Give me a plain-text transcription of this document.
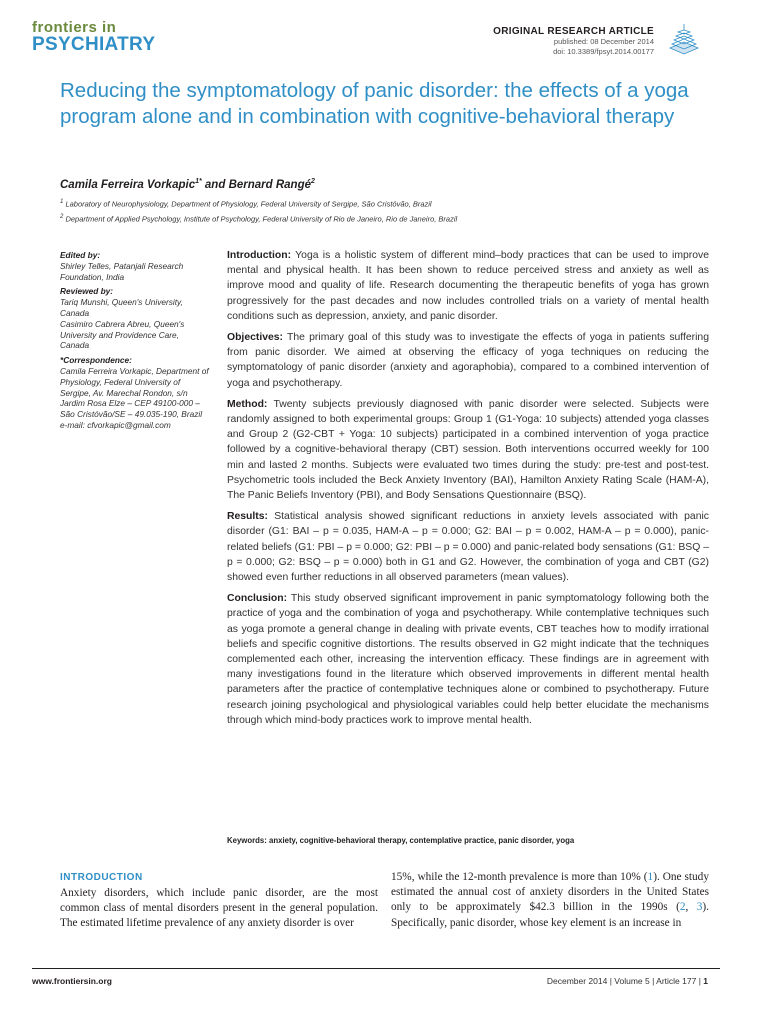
frontiers in
PSYCHIATRY
ORIGINAL RESEARCH ARTICLE
published: 08 December 2014
doi: 10.3389/fpsyt.2014.00177
Reducing the symptomatology of panic disorder: the effects of a yoga program alone and in combination with cognitive-behavioral therapy
Camila Ferreira Vorkapic$^{1*}$ and Bernard Rangé$^2$
$^1$ Laboratory of Neurophysiology, Department of Physiology, Federal University of Sergipe, São Cristóvão, Brazil
$^2$ Department of Applied Psychology, Institute of Psychology, Federal University of Rio de Janeiro, Rio de Janeiro, Brazil
Edited by:
Shirley Telles, Patanjali Research Foundation, India
Reviewed by:
Tariq Munshi, Queen's University, Canada
Casimiro Cabrera Abreu, Queen's University and Providence Care, Canada
*Correspondence:
Camila Ferreira Vorkapic, Department of Physiology, Federal University of Sergipe, Av. Marechal Rondon, s/n Jardim Rosa Elze – CEP 49100-000 – São Cristóvão/SE – 49.035-190, Brazil
e-mail: cfvorkapic@gmail.com

Introduction: Yoga is a holistic system of different mind–body practices that can be used to improve mental and physical health. It has been shown to reduce perceived stress and anxiety as well as improve mood and quality of life. Research documenting the therapeutic benefits of yoga has grown progressively for the past decades and now includes controlled trials on a variety of mental health conditions such as depression, anxiety, and panic disorder.

Objectives: The primary goal of this study was to investigate the effects of yoga in patients suffering from panic disorder. We aimed at observing the efficacy of yoga techniques on reducing the symptomatology of panic disorder (anxiety and agoraphobia), compared to a combined intervention of yoga and psychotherapy.

Method: Twenty subjects previously diagnosed with panic disorder were selected. Subjects were randomly assigned to both experimental groups: Group 1 (G1-Yoga: 10 subjects) attended yoga classes and Group 2 (G2-CBT + Yoga: 10 subjects) participated in a combined intervention of yoga practice followed by a cognitive-behavioral therapy (CBT) session. Both interventions occurred weekly for 100 min and lasted 2 months. Subjects were evaluated two times during the study: pre-test and post-test. Psychometric tools included the Beck Anxiety Inventory (BAI), Hamilton Anxiety Rating Scale (HAM-A), The Panic Beliefs Inventory (PBI), and Body Sensations Questionnaire (BSQ).

Results: Statistical analysis showed significant reductions in anxiety levels associated with panic disorder (G1: BAI – p = 0.035, HAM-A – p = 0.000; G2: BAI – p = 0.002, HAM-A – p = 0.000), panic-related beliefs (G1: PBI – p = 0.000; G2: PBI – p = 0.000) and panic-related body sensations (G1: BSQ – p = 0.000; G2: BSQ – p = 0.000) both in G1 and G2. However, the combination of yoga and CBT (G2) showed even further reductions in all observed parameters (mean values).

Conclusion: This study observed significant improvement in panic symptomatology following both the practice of yoga and the combination of yoga and psychotherapy. While contemplative techniques such as yoga promote a general change in dealing with private events, CBT teaches how to modify irrational beliefs and specific cognitive distortions. The results observed in G2 might indicate that the techniques complemented each other, increasing the intervention efficacy. These findings are in agreement with many investigations found in the literature which observed improvements in different mental health parameters after the practice of contemplative techniques alone or combined to psychotherapy. Future research joining psychological and physiological variables could help better elucidate the mechanisms through which mind-body practices work to improve mental health.

Keywords: anxiety, cognitive-behavioral therapy, contemplative practice, panic disorder, yoga
INTRODUCTION
Anxiety disorders, which include panic disorder, are the most common class of mental disorders present in the general population. The estimated lifetime prevalence of any anxiety disorder is over
15%, while the 12-month prevalence is more than 10% (1). One study estimated the annual cost of anxiety disorders in the United States only to be approximately $42.3 billion in the 1990s (2, 3). Specifically, panic disorder, whose key element is an increase in
www.frontiersin.org	December 2014 | Volume 5 | Article 177 | 1
